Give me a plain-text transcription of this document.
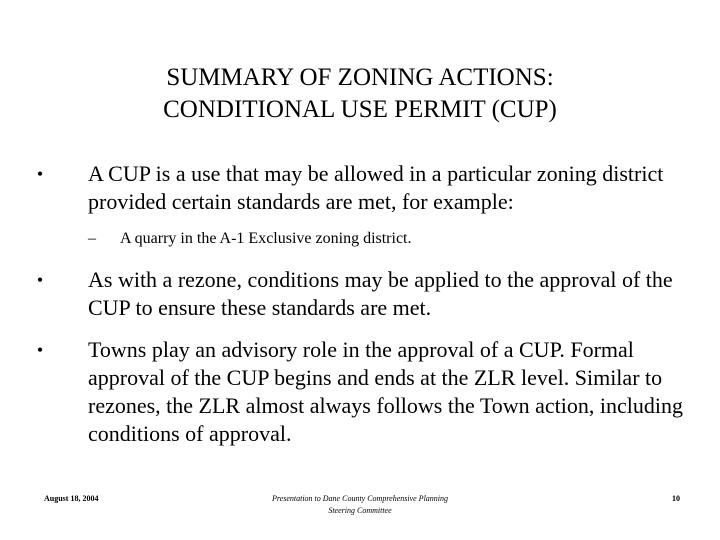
SUMMARY OF ZONING ACTIONS:
CONDITIONAL USE PERMIT (CUP)
•	A CUP is a use that may be allowed in a particular zoning district provided certain standards are met, for example:
– A quarry in the A-1 Exclusive zoning district.
•	As with a rezone, conditions may be applied to the approval of the CUP to ensure these standards are met.
•	Towns play an advisory role in the approval of a CUP. Formal approval of the CUP begins and ends at the ZLR level. Similar to rezones, the ZLR almost always follows the Town action, including conditions of approval.
August 18, 2004	Presentation to Dane County Comprehensive Planning
Steering Committee
10
